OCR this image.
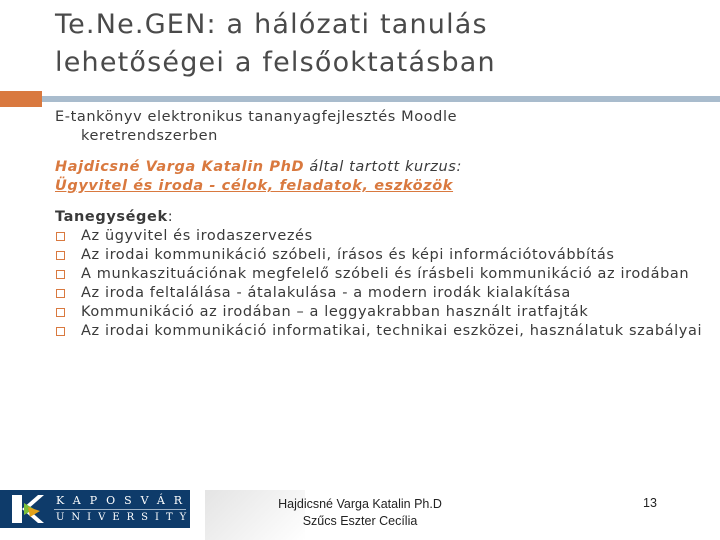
Te.Ne.GEN: a hálózati tanulás
lehetőségei a felsőoktatásban
E-tankönyv elektronikus tananyagfejlesztés Moodle
keretrendszerben
Hajdicsné Varga Katalin PhD által tartott kurzus:
Ügyvitel és iroda - célok, feladatok, eszközök
Tanegységek:
Az ügyvitel és irodaszervezés
Az irodai kommunikáció szóbeli, írásos és képi információtovábbítás
A munkaszituációnak megfelelő szóbeli és írásbeli kommunikáció az irodában
Az iroda feltalálása - átalakulása - a modern irodák kialakítása
Kommunikáció az irodában – a leggyakrabban használt iratfajták
Az irodai kommunikáció informatikai, technikai eszközei, használatuk szabályai
KAPOSVÁR
UNIVERSITY
Hajdicsné Varga Katalin Ph.D
Szűcs Eszter Cecília
13
